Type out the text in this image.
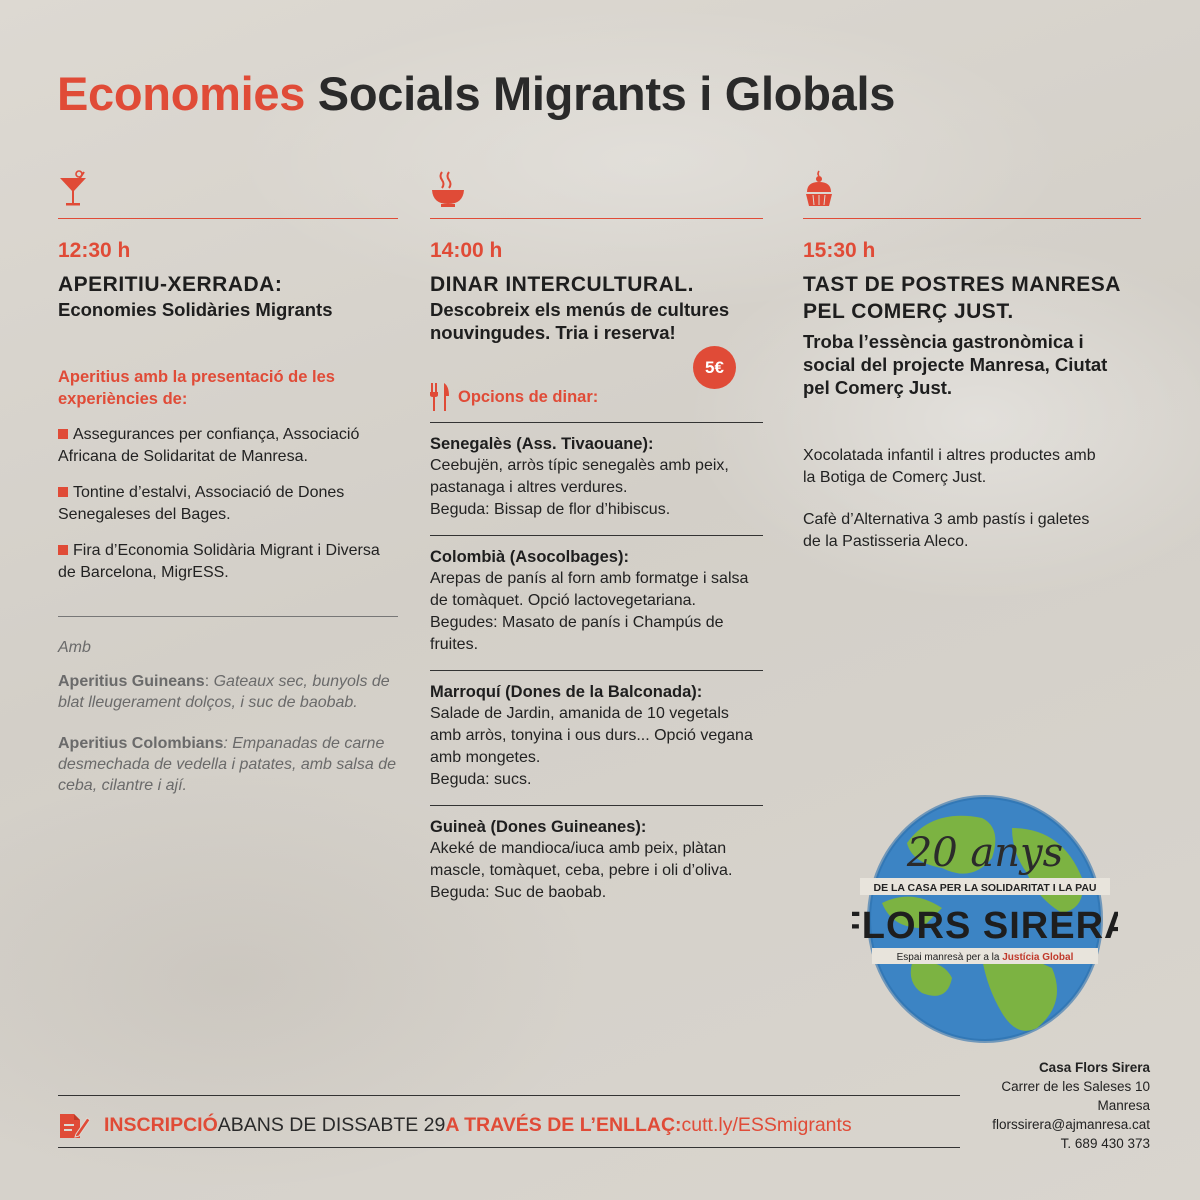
Economies Socials Migrants i Globals
12:30 h
APERITIU-XERRADA:
Economies Solidàries Migrants
Aperitius amb la presentació de les experiències de:
Assegurances per confiança, Associació Africana de Solidaritat de Manresa.
Tontine d’estalvi, Associació de Dones Senegaleses del Bages.
Fira d’Economia Solidària Migrant i Diversa de Barcelona, MigrESS.
Amb
Aperitius Guineans: Gateaux sec, bunyols de blat lleugerament dolços, i suc de baobab.
Aperitius Colombians: Empanadas de carne desmechada de vedella i patates, amb salsa de ceba, cilantre i ají.
14:00 h
DINAR INTERCULTURAL.
Descobreix els menús de cultures nouvingudes. Tria i reserva!
Opcions de dinar:
Senegalès (Ass. Tivaouane):
Ceebujën, arròs típic senegalès amb peix, pastanaga i altres verdures.
Beguda: Bissap de flor d’hibiscus.
Colombià (Asocolbages):
Arepas de panís al forn amb formatge i salsa de tomàquet. Opció lactovegetariana.
Begudes: Masato de panís i Champús de fruites.
Marroquí (Dones de la Balconada):
Salade de Jardin, amanida de 10 vegetals amb arròs, tonyina i ous durs... Opció vegana amb mongetes.
Beguda: sucs.
Guineà (Dones Guineanes):
Akeké de mandioca/iuca amb peix, plàtan mascle, tomàquet, ceba, pebre i oli d’oliva.
Beguda: Suc de baobab.
5€
15:30 h
TAST DE POSTRES MANRESA PEL COMERÇ JUST.
Troba l’essència gastronòmica i social del projecte Manresa, Ciutat pel Comerç Just.
Xocolatada infantil i altres productes amb la Botiga de Comerç Just.
Cafè d’Alternativa 3 amb pastís i galetes de la Pastisseria Aleco.
20 anys
DE LA CASA PER LA SOLIDARITAT I LA PAU
FLORS SIRERA
Espai manresà per a la Justícia Global
INSCRIPCIÓ ABANS DE DISSABTE 29 A TRAVÉS DE L’ENLLAÇ: cutt.ly/ESSmigrants
Casa Flors Sirera
Carrer de les Saleses 10
Manresa
florssirera@ajmanresa.cat
T. 689 430 373
